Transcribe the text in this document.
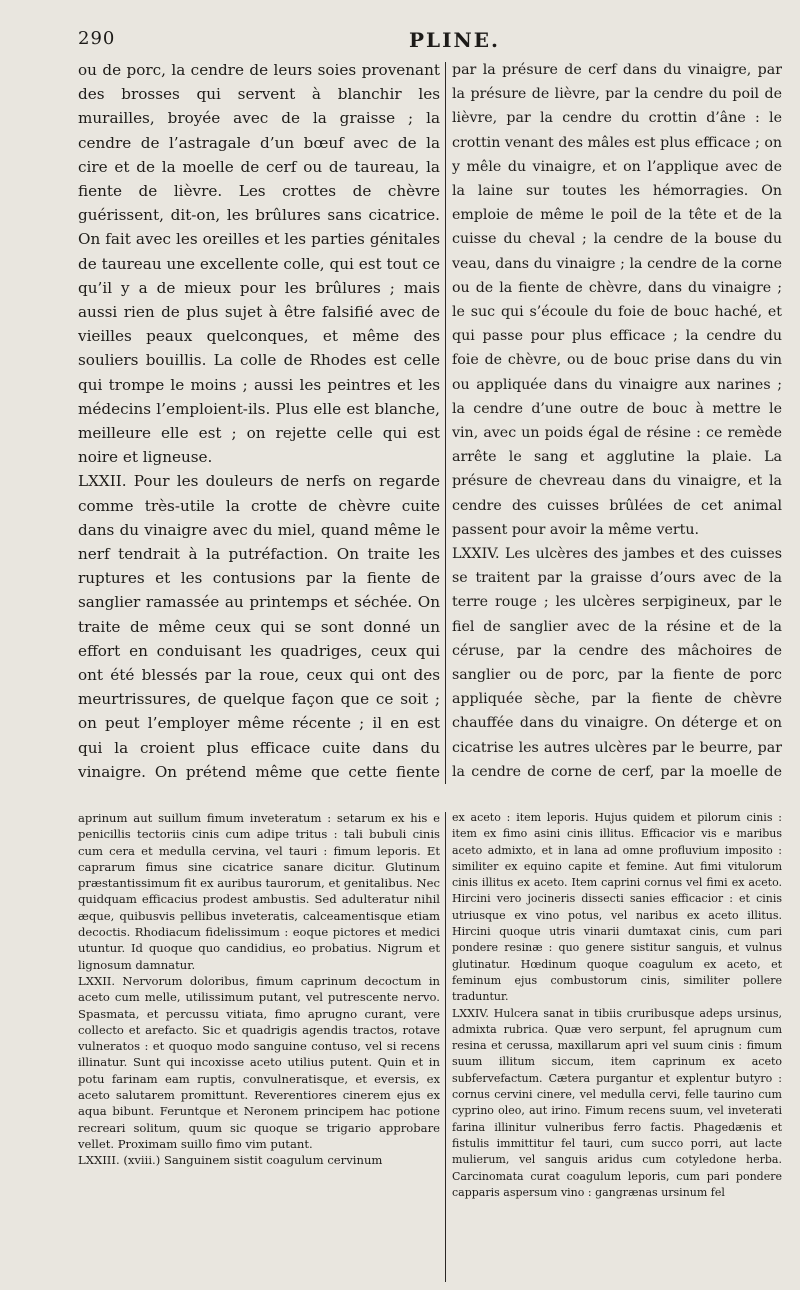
290	PLINE.

ou de porc, la cendre de leurs soies provenant des brosses qui servent à blanchir les murailles, broyée avec de la graisse ; la cendre de l’astragale d’un bœuf avec de la cire et de la moelle de cerf ou de taureau, la fiente de lièvre. Les crottes de chèvre guérissent, dit-on, les brûlures sans cicatrice. On fait avec les oreilles et les parties génitales de taureau une excellente colle, qui est tout ce qu’il y a de mieux pour les brûlures ; mais aussi rien de plus sujet à être falsifié avec de vieilles peaux quelconques, et même des souliers bouillis. La colle de Rhodes est celle qui trompe le moins ; aussi les peintres et les médecins l’emploient-ils. Plus elle est blanche, meilleure elle est ; on rejette celle qui est noire et ligneuse.

LXXII. Pour les douleurs de nerfs on regarde comme très-utile la crotte de chèvre cuite dans du vinaigre avec du miel, quand même le nerf tendrait à la putréfaction. On traite les ruptures et les contusions par la fiente de sanglier ramassée au printemps et séchée. On traite de même ceux qui se sont donné un effort en conduisant les quadriges, ceux qui ont été blessés par la roue, ceux qui ont des meurtrissures, de quelque façon que ce soit ; on peut l’employer même récente ; il en est qui la croient plus efficace cuite dans du vinaigre. On prétend même que cette fiente

par la présure de cerf dans du vinaigre, par la présure de lièvre, par la cendre du poil de lièvre, par la cendre du crottin d’âne : le crottin venant des mâles est plus efficace ; on y mêle du vinaigre, et on l’applique avec de la laine sur toutes les hémorragies. On emploie de même le poil de la tête et de la cuisse du cheval ; la cendre de la bouse du veau, dans du vinaigre ; la cendre de la corne ou de la fiente de chèvre, dans du vinaigre ; le suc qui s’écoule du foie de bouc haché, et qui passe pour plus efficace ; la cendre du foie de chèvre, ou de bouc prise dans du vin ou appliquée dans du vinaigre aux narines ; la cendre d’une outre de bouc à mettre le vin, avec un poids égal de résine : ce remède arrête le sang et agglutine la plaie. La présure de chevreau dans du vinaigre, et la cendre des cuisses brûlées de cet animal passent pour avoir la même vertu.

LXXIV. Les ulcères des jambes et des cuisses se traitent par la graisse d’ours avec de la terre rouge ; les ulcères serpigineux, par le fiel de sanglier avec de la résine et de la céruse, par la cendre des mâchoires de sanglier ou de porc, par la fiente de porc appliquée sèche, par la fiente de chèvre chauffée dans du vinaigre. On déterge et on cicatrise les autres ulcères par le beurre, par la cendre de corne de cerf, par la moelle de

aprinum aut suillum fimum inveteratum : setarum ex his e penicillis tectoriis cinis cum adipe tritus : tali bubuli cinis cum cera et medulla cervina, vel tauri : fimum leporis. Et caprarum fimus sine cicatrice sanare dicitur. Glutinum præstantissimum fit ex auribus taurorum, et genitalibus. Nec quidquam efficacius prodest ambustis. Sed adulteratur nihil æque, quibusvis pellibus inveteratis, calceamentisque etiam decoctis. Rhodiacum fidelissimum : eoque pictores et medici utuntur. Id quoque quo candidius, eo probatius. Nigrum et lignosum damnatur.

LXXII. Nervorum doloribus, fimum caprinum decoctum in aceto cum melle, utilissimum putant, vel putrescente nervo. Spasmata, et percussu vitiata, fimo aprugno curant, vere collecto et arefacto. Sic et quadrigis agendis tractos, rotave vulneratos : et quoquo modo sanguine contuso, vel si recens illinatur. Sunt qui incoxisse aceto utilius putent. Quin et in potu farinam eam ruptis, convulneratisque, et eversis, ex aceto salutarem promittunt. Reverentiores cinerem ejus ex aqua bibunt. Feruntque et Neronem principem hac potione recreari solitum, quum sic quoque se trigario approbare vellet. Proximam suillo fimo vim putant.

LXXIII. (xviii.) Sanguinem sistit coagulum cervinum

ex aceto : item leporis. Hujus quidem et pilorum cinis : item ex fimo asini cinis illitus. Efficacior vis e maribus aceto admixto, et in lana ad omne profluvium imposito : similiter ex equino capite et femine. Aut fimi vitulorum cinis illitus ex aceto. Item caprini cornus vel fimi ex aceto. Hircini vero jocineris dissecti sanies efficacior : et cinis utriusque ex vino potus, vel naribus ex aceto illitus. Hircini quoque utris vinarii dumtaxat cinis, cum pari pondere resinæ : quo genere sistitur sanguis, et vulnus glutinatur. Hœdinum quoque coagulum ex aceto, et feminum ejus combustorum cinis, similiter pollere traduntur.

LXXIV. Hulcera sanat in tibiis cruribusque adeps ursinus, admixta rubrica. Quæ vero serpunt, fel aprugnum cum resina et cerussa, maxillarum apri vel suum cinis : fimum suum illitum siccum, item caprinum ex aceto subfervefactum. Cætera purgantur et explentur butyro : cornus cervini cinere, vel medulla cervi, felle taurino cum cyprino oleo, aut irino. Fimum recens suum, vel inveterati farina illinitur vulneribus ferro factis. Phagedænis et fistulis immittitur fel tauri, cum succo porri, aut lacte mulierum, vel sanguis aridus cum cotyledone herba. Carcinomata curat coagulum leporis, cum pari pondere capparis aspersum vino : gangrænas ursinum fel
